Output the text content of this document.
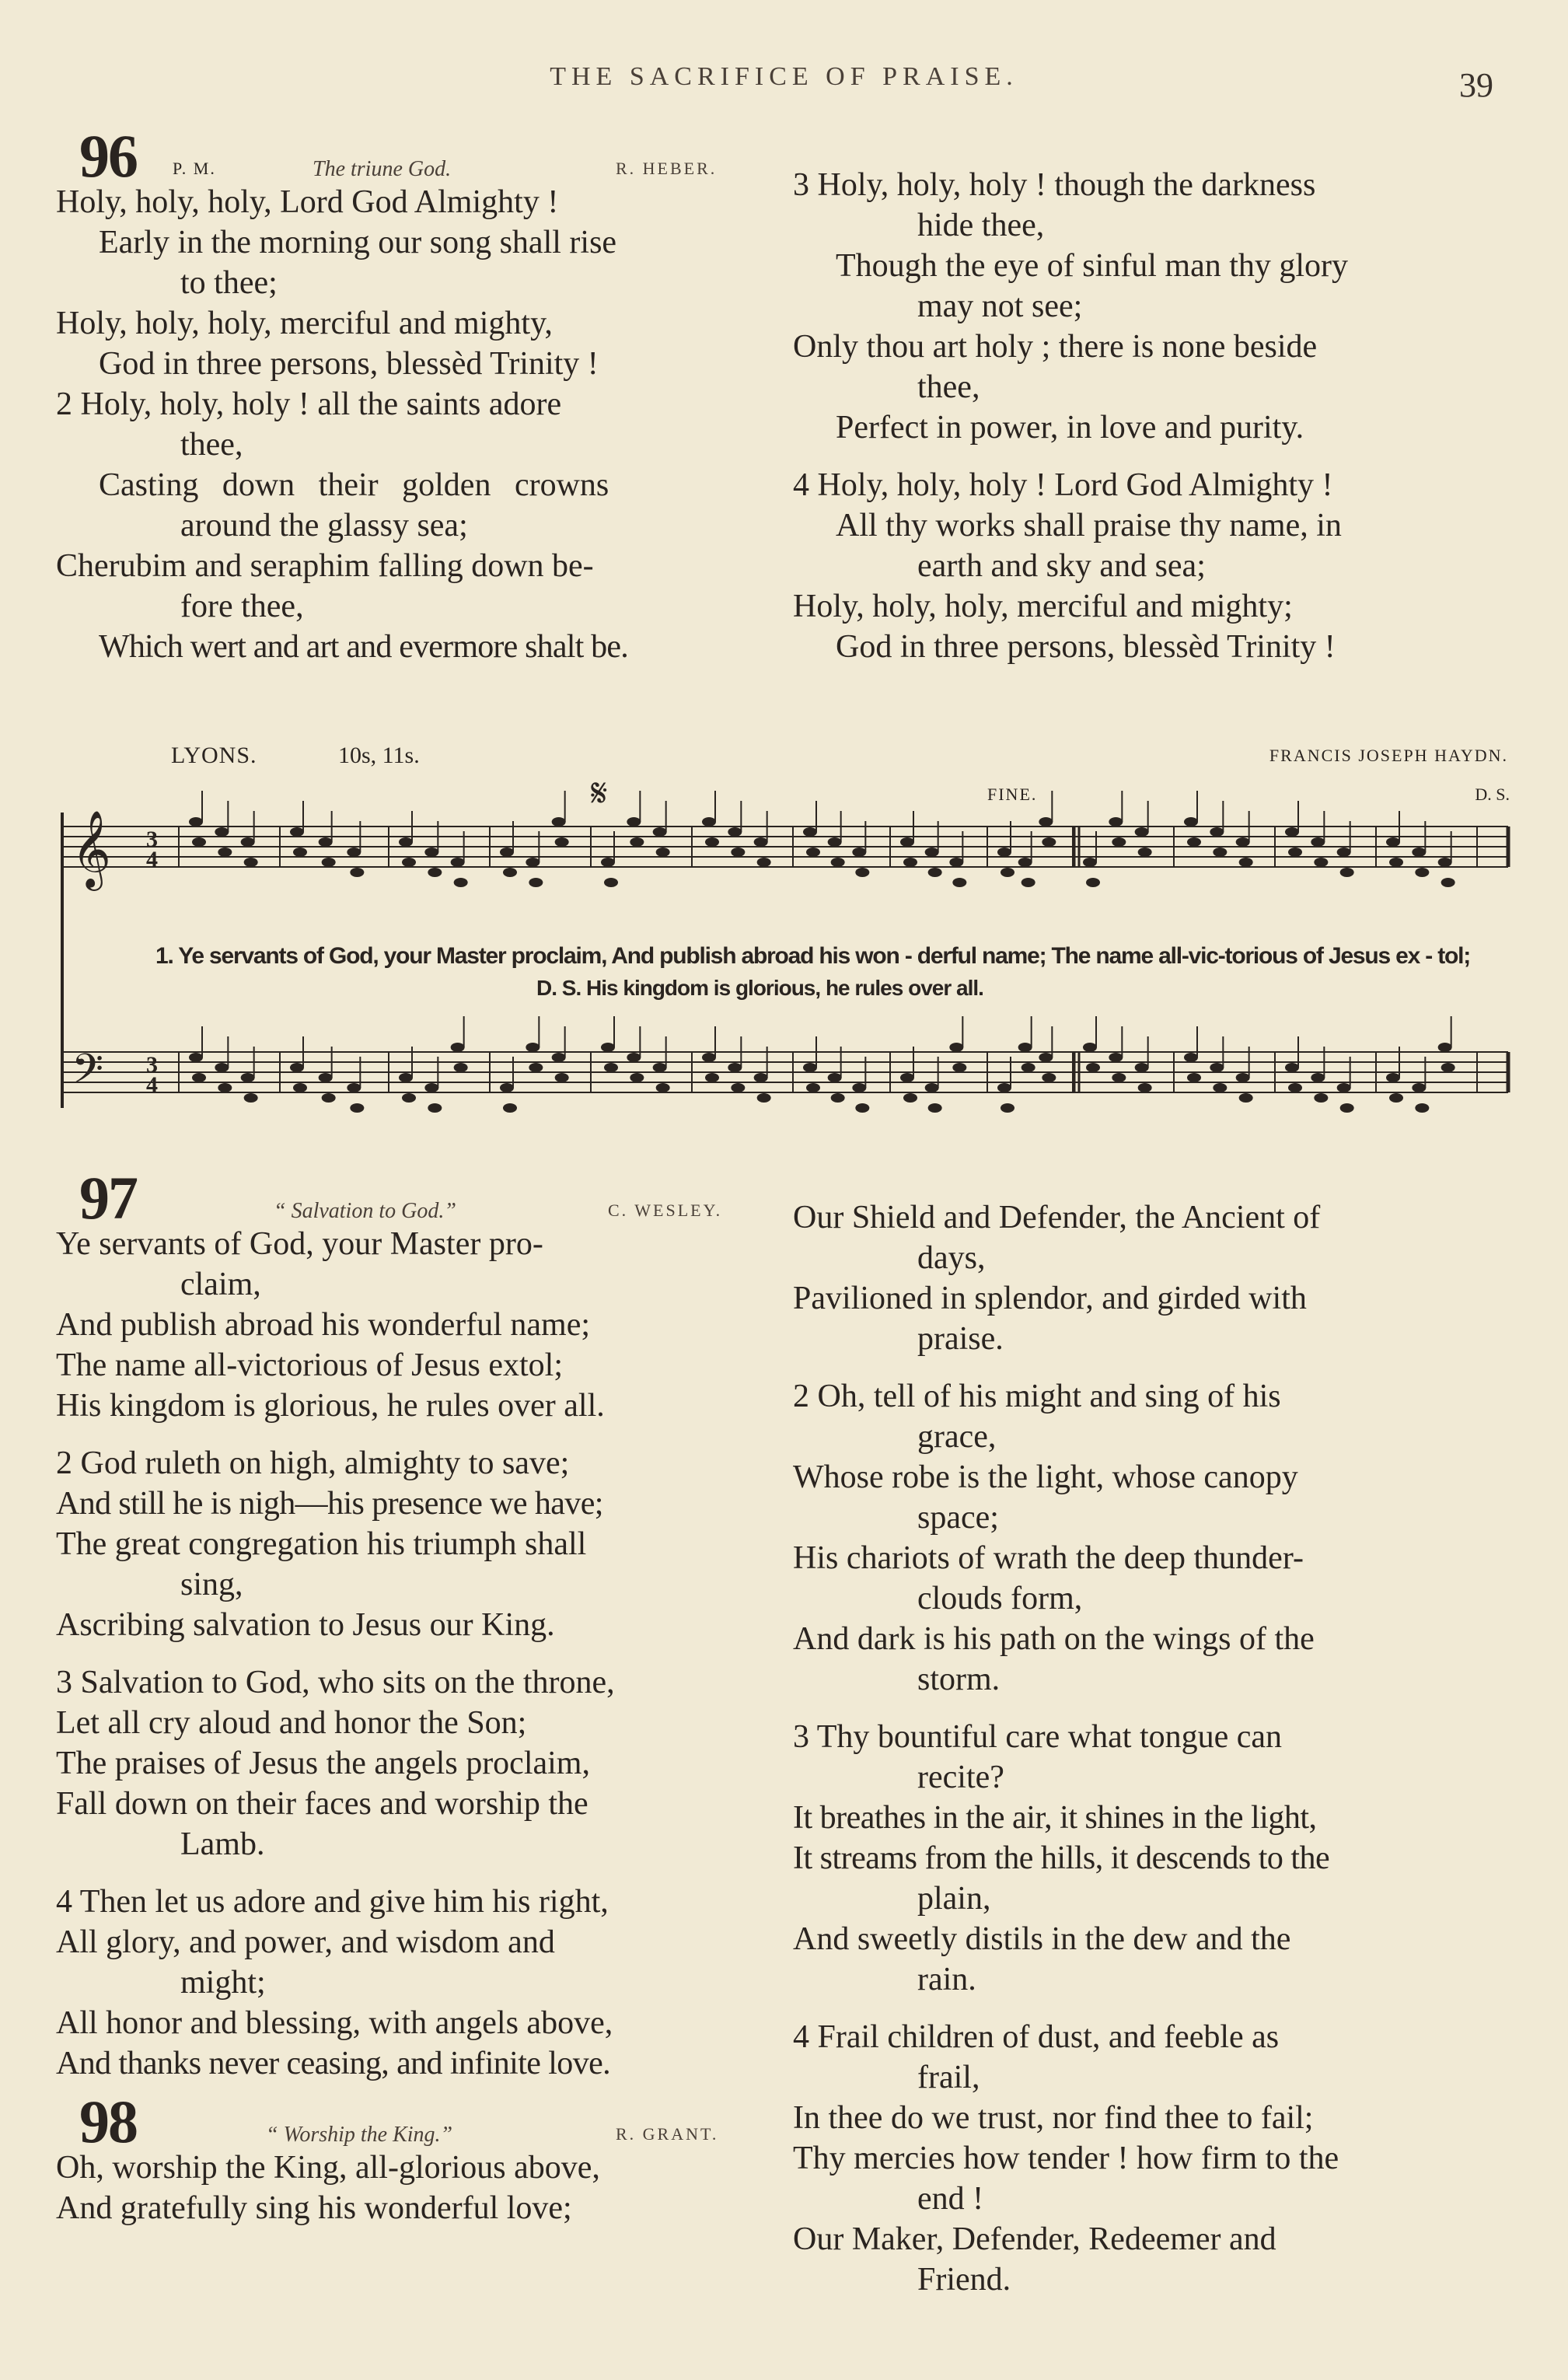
THE SACRIFICE OF PRAISE.	39
96 P. M.	The triune God.	R. HEBER.
Holy, holy, holy, Lord God Almighty !
Early in the morning our song shall rise
to thee;
Holy, holy, holy, merciful and mighty,
God in three persons, blessèd Trinity !
2 Holy, holy, holy ! all the saints adore
thee,
Casting down their golden crowns
around the glassy sea;
Cherubim and seraphim falling down be-
fore thee,
Which wert and art and evermore shalt be.
3 Holy, holy, holy ! though the darkness
hide thee,
Though the eye of sinful man thy glory
may not see;
Only thou art holy ; there is none beside
thee,
Perfect in power, in love and purity.
4 Holy, holy, holy ! Lord God Almighty !
All thy works shall praise thy name, in
earth and sky and sea;
Holy, holy, holy, merciful and mighty;
God in three persons, blessèd Trinity !
LYONS.	10s, 11s.	FRANCIS JOSEPH HAYDN.
FINE.	D. S.
𝄋
𝄞
𝄢
3
4
3
4
1. Ye servants of God, your Master proclaim, And publish abroad his won - derful name; The name all-vic-torious of Jesus ex - tol;
D. S. His kingdom is glorious, he rules over all.
97	“ Salvation to God.”	C. WESLEY.
Ye servants of God, your Master pro-
claim,
And publish abroad his wonderful name;
The name all-victorious of Jesus extol;
His kingdom is glorious, he rules over all.
2 God ruleth on high, almighty to save;
And still he is nigh—his presence we have;
The great congregation his triumph shall
sing,
Ascribing salvation to Jesus our King.
3 Salvation to God, who sits on the throne,
Let all cry aloud and honor the Son;
The praises of Jesus the angels proclaim,
Fall down on their faces and worship the
Lamb.
4 Then let us adore and give him his right,
All glory, and power, and wisdom and
might;
All honor and blessing, with angels above,
And thanks never ceasing, and infinite love.
98	“ Worship the King.”	R. GRANT.
Oh, worship the King, all-glorious above,
And gratefully sing his wonderful love;
Our Shield and Defender, the Ancient of
days,
Pavilioned in splendor, and girded with
praise.
2 Oh, tell of his might and sing of his
grace,
Whose robe is the light, whose canopy
space;
His chariots of wrath the deep thunder-
clouds form,
And dark is his path on the wings of the
storm.
3 Thy bountiful care what tongue can
recite?
It breathes in the air, it shines in the light,
It streams from the hills, it descends to the
plain,
And sweetly distils in the dew and the
rain.
4 Frail children of dust, and feeble as
frail,
In thee do we trust, nor find thee to fail;
Thy mercies how tender ! how firm to the
end !
Our Maker, Defender, Redeemer and
Friend.
